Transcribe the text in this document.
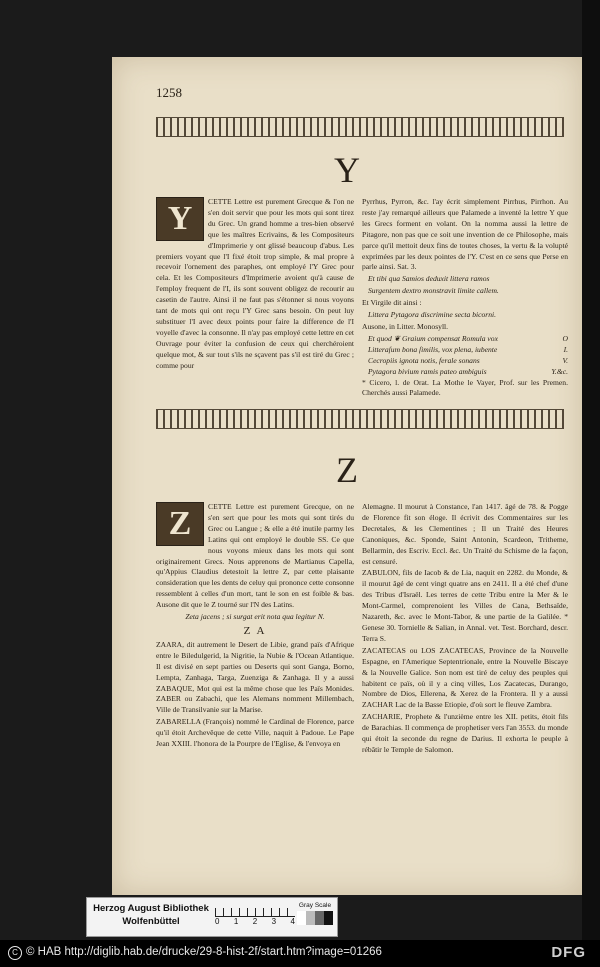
1258
Y
Y	CETTE Lettre est purement Grecque & l'on ne s'en doit servir que pour les mots qui sont tirez du Grec. Un grand homme a tres-bien observé que les maîtres Ecrivains, & les Compositeurs d'Imprimerie y ont glissé beaucoup d'abus. Les premiers voyant que l'I fixé étoit trop simple, & mal propre à recevoir l'ornement des paraphes, ont employé l'Y Grec pour cela. Et les Compositeurs d'Imprimerie avoient qu'à cause de l'employ frequent de l'I, ils sont souvent obligez de recourir au casetin de l'autre. Ainsi il ne faut pas s'étonner si nous voyons tant de mots qui ont reçu l'Y Grec sans besoin. On peut luy substituer l'I avec deux points pour faire la difference de l'I voyelle d'avec la consonne. Il n'ay pas employé cette lettre en cet Ouvrage pour éviter la confusion de ceux qui cherchéroient quelque mot, & sur tout s'ils ne sçavent pas s'il est tiré du Grec ; comme pour

Pyrrhus, Pyrron, &c. l'ay écrit simplement Pirrhus, Pirrhon. Au reste j'ay remarqué ailleurs que Palamede a inventé la lettre Y que les Grecs forment en volant. On la nomma aussi la lettre de Pitagore, non pas que ce soit une invention de ce Philosophe, mais parce qu'il mettoit deux fins de toutes choses, la vertu & la volupté exprimées par les deux pointes de l'Y. C'est en ce sens que Perse en parle ainsi. Sat. 3.

Et tibi qua Samios deduxit littera ramos

Surgentem dextro monstravit limite callem.

Et Virgile dit ainsi :

Littera Pytagora discrimine secta bicorni.

Ausone, in Litter. Monosyll.

Et quod ❦ Graium compensat Romula vox	O
Litteraſum bona ſimilis, vox plena, iubente	I.
Cecropiis ignota notis, ferale sonans	V.
Pytagora bivium ramis pateo ambiguis	Y.&c.

* Cicero, l. de Orat. La Mothe le Vayer, Prof. sur les Premen. Cherchés aussi Palamede.

Z
Z	CETTE Lettre est purement Grecque, on ne s'en sert que pour les mots qui sont tirés du Grec ou Langue ; & elle a été inutile parmy les Latins qui ont employé le double SS. Ce que nous voyons mieux dans les mots qui sont originairement Grecs. Nous apprenons de Martianus Capella, qu'Appius Claudius detestoit la lettre Z, par cette plaisante consideration que les dents de celuy qui prononce cette consonne ressemblent à celles d'un mort, tant le son en est foible & bas. Ausone dit que le Z tourné sur l'N des Latins.

Zeta jacens ; si surgat erit nota qua legitur N.

Z A

ZAARA, dit autrement le Desert de Libie, grand païs d'Afrique entre le Biledulgerid, la Nigritie, la Nubie & l'Ocean Atlantique. Il est divisé en sept parties ou Deserts qui sont Ganga, Borno, Lempta, Zanhaga, Targa, Zuenziga & Zanhaga. Il y a aussi ZABAQUE, Mot qui est la même chose que les Païs Monides. ZABER ou Zabachi, que les Alemans nomment Millembach, Ville de Transilvanie sur la Marise.

ZABARELLA (François) nommé le Cardinal de Florence, parce qu'il étoit Archevêque de cette Ville, naquit à Padoue. Le Pape Jean XXIII. l'honora de la Pourpre de l'Eglise, & l'envoya en

Alemagne. Il mourut à Constance, l'an 1417. âgé de 78. & Pogge de Florence fit son éloge. Il écrivit des Commentaires sur les Decretales, & les Clementines ; Il un Traité des Heures Canoniques, &c. Sponde, Saint Antonin, Scardeon, Tritheme, Bellarmin, des Escriv. Eccl. &c. Un Traité du Schisme de la façon, est censuré.

ZABULON, fils de Iacob & de Lia, naquit en 2282. du Monde, & il mourut âgé de cent vingt quatre ans en 2411. Il a été chef d'une des Tribus d'Israël. Les terres de cette Tribu entre la Mer & le Mont-Carmel, comprenoient les Villes de Cana, Bethsaïde, Nazareth, &c. avec le Mont-Tabor, & une partie de la Galilée. * Genese 30. Tornielle & Salian, in Annal. vet. Test. Borchard, descr. Terra S.

ZACATECAS ou LOS ZACATECAS, Province de la Nouvelle Espagne, en l'Amerique Septentrionale, entre la Nouvelle Biscaye & la Nouvelle Galice. Son nom est tiré de celuy des peuples qui habitent ce païs, où il y a cinq villes, Los Zacatecas, Durango, Nombre de Dios, Ellerena, & Xerez de la Frontera. Il y a aussi ZACHAR Lac de la Basse Etiopie, d'où sort le fleuve Zambra.

ZACHARIE, Prophete & l'unzième entre les XII. petits, étoit fils de Barachias. Il commença de prophetiser vers l'an 3553. du monde qui étoit la seconde du regne de Darius. Il exhorta le peuple à rébâtir le Temple de Salomon.

Herzog August Bibliothek
Wolfenbüttel	0 1 2 3 4
Gray Scale
C © HAB http://diglib.hab.de/drucke/29-8-hist-2f/start.htm?image=01266	DFG
